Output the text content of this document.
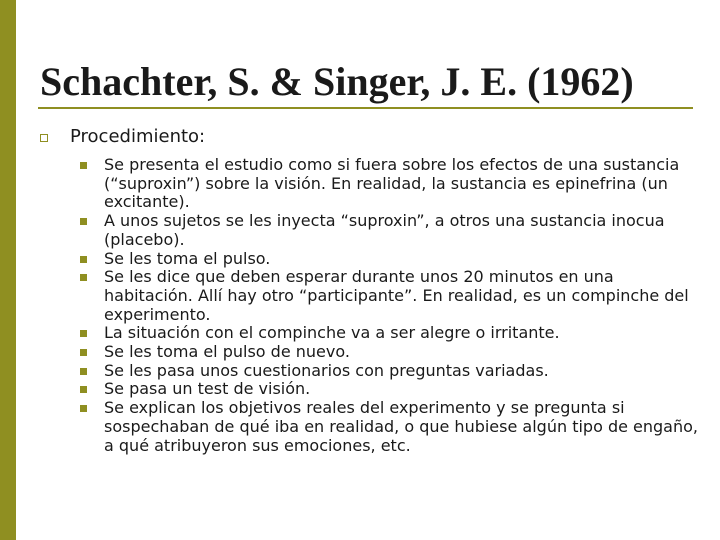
Schachter, S. & Singer, J. E. (1962)
Procedimiento:
Se presenta el estudio como si fuera sobre los efectos de una sustancia (“suproxin”) sobre la visión. En realidad, la sustancia es epinefrina (un excitante).
A unos sujetos se les inyecta “suproxin”, a otros una sustancia inocua (placebo).
Se les toma el pulso.
Se les dice que deben esperar durante unos 20 minutos en una habitación. Allí hay otro “participante”. En realidad, es un compinche del experimento.
La situación con el compinche va a ser alegre o irritante.
Se les toma el pulso de nuevo.
Se les pasa unos cuestionarios con preguntas variadas.
Se pasa un test de visión.
Se explican los objetivos reales del experimento y se pregunta si sospechaban de qué iba en realidad, o que hubiese algún tipo de engaño, a qué atribuyeron sus emociones, etc.
